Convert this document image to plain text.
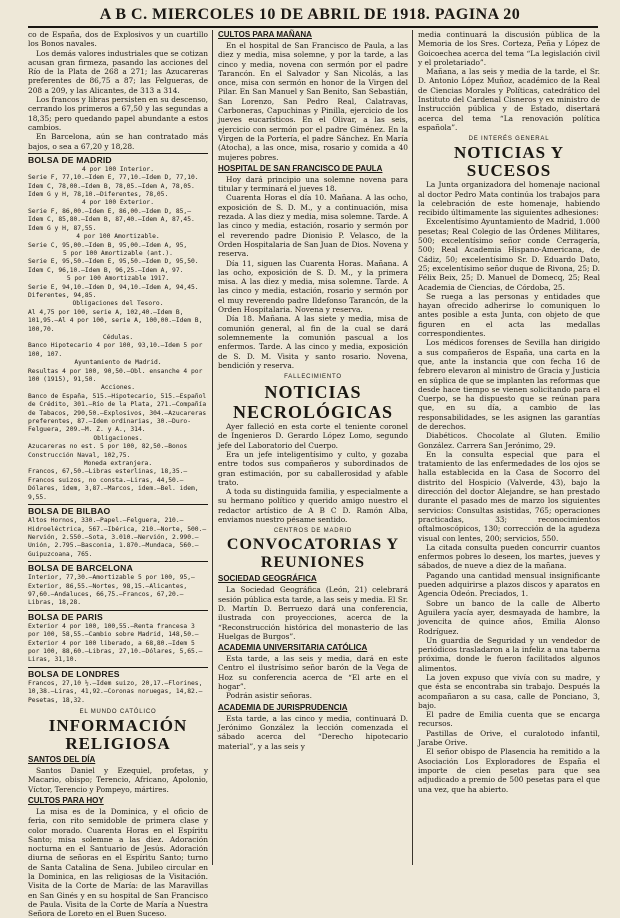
A B C. MIERCOLES 10 DE ABRIL DE 1918. PAGINA 20

co de España, dos de Explosivos y un cuartillo los Bonos navales.

Los demás valores industriales que se cotizan acusan gran firmeza, pasando las acciones del Río de la Plata de 268 a 271; las Azucareras preferentes de 86,75 a 87; las Felgueras, de 208 a 209, y las Alicantes, de 313 a 314.

Los francos y libras persisten en su descenso, cerrando los primeros a 67,50 y las segundas a 18,35; pero quedando papel abundante a estos cambios.

En Barcelona, aún se han contratado más bajos, o sea a 67,20 y 18,28.

BOLSA DE MADRID

4 por 100 Interior.

Serie F, 77,10.—Idem E, 77,10.—Idem D, 77,10.

Idem C, 78,00.—Idem B, 78,05.—Idem A, 78,05.

Idem G y H, 78,10.—Diferentes, 78,05.

4 por 100 Exterior.

Serie F, 86,00.—Idem E, 86,00.—Idem D, 85,—

Idem C, 85,80.—Idem B, 87,40.—Idem A, 87,45.

Idem G y H, 87,55.

4 por 100 Amortizable.

Serie C, 95,00.—Idem B, 95,00.—Idem A, 95,

5 por 100 Amortizable (ant.).

Serie E, 95,50.—Idem E, 95,50.—Idem D, 95,50.

Idem C, 96,10.—Idem B, 96,25.—Idem A, 97.

5 por 100 Amortizable 1917.

Serie E, 94,10.—Idem D, 94,10.—Idem A, 94,45.

Diferentes, 94,85.

Obligaciones del Tesoro.

Al 4,75 por 100, serie A, 102,40.—Idem B, 101,95.—Al 4 por 100, serie A, 100,00.—Idem B, 100,70.

Cédulas.

Banco Hipotecario 4 por 100, 93,10.—Idem 5 por 100, 107.

Ayuntamiento de Madrid.

Resultas 4 por 100, 90,50.—Obl. ensanche 4 por 100 (1915), 91,50.

Acciones.

Banco de España, 515.—Hipotecario, 515.—Español de Crédito, 301.—Río de la Plata, 271.—Compañía de Tabacos, 290,50.—Explosivos, 304.—Azucareras preferentes, 87.—Idem ordinarias, 30.—Duro-Felguera, 209.—M. Z. y A., 314.

Obligaciones.

Azucareras no est. 5 por 100, 82,50.—Bonos Construcción Naval, 102,75.

Moneda extranjera.

Francos, 67,50.—Libras esterlinas, 18,35.—Francos suizos, no consta.—Liras, 44,50.—Dólares, idem, 3,87.—Marcos, idem.—Bel. idem, 9,55.

BOLSA DE BILBAO

Altos Hornos, 330.—Papel.—Felguera, 210.—Hidroeléctrica, 567.—Ibérica, 210.—Norte, 500.—Nervión, 2.550.—Sota, 3.010.—Nervión, 2.990.—Unión, 2.795.—Basconia, 1.870.—Mundaca, 560.—Guipuzcoana, 765.

BOLSA DE BARCELONA

Interior, 77,30.—Amortizable 5 por 100, 95,—Exterior, 86,55.—Nortes, 98,15.—Alicantes, 97,60.—Andaluces, 66,75.—Francos, 67,20.—Libras, 18,28.

BOLSA DE PARIS

Exterior 4 por 100, 100,55.—Renta francesa 3 por 100, 58,55.—Cambio sobre Madrid, 148,50.—Exterior 4 por 100 liberado, a 68,80.—Idem 5 por 100, 88,60.—Libras, 27,10.—Dólares, 5,65.—Liras, 31,10.

BOLSA DE LONDRES

Francos, 27,10 ½.—Idem suizo, 20,17.—Florines, 10,38.—Liras, 41,92.—Coronas noruegas, 14,82.—Pesetas, 18,32.

EL MUNDO CATÓLICO
INFORMACIÓN RELIGIOSA
SANTOS DEL DÍA

Santos Daniel y Ezequiel, profetas, y Macario, obispo; Terencio, Africano, Apolonio, Víctor, Terencio y Pompeyo, mártires.

CULTOS PARA HOY

La misa es de la Dominica, y el oficio de feria, con rito semidoble de primera clase y color morado. Cuarenta Horas en el Espíritu Santo; misa solemne a las diez. Adoración nocturna en el Santuario de Jesús. Adoración diurna de señoras en el Espíritu Santo; turno de Santa Catalina de Sena. Jubileo circular en la Dominica, en las religiosas de la Visitación. Visita de la Corte de María: de las Maravillas en San Ginés y en su hospital de San Francisco de Paula. Visita de la Corte de María a Nuestra Señora de Loreto en el Buen Suceso.

CULTOS PARA MAÑANA

En el hospital de San Francisco de Paula, a las diez y media, misa solemne, y por la tarde, a las cinco y media, novena con sermón por el padre Tarancón. En el Salvador y San Nicolás, a las once, misa con sermón en honor de la Virgen del Pilar. En San Manuel y San Benito, San Sebastián, San Lorenzo, San Pedro Real, Calatravas, Carboneras, Capuchinas y Pinilla, ejercicio de los jueves eucarísticos. En el Olivar, a las seis, ejercicio con sermón por el padre Giménez. En la Virgen de la Portería, el padre Sánchez. En María (Atocha), a las once, misa, rosario y comida a 40 mujeres pobres.

HOSPITAL DE SAN FRANCISCO DE PAULA

Hoy dará principio una solemne novena para titular y terminará el jueves 18.

Cuarenta Horas el día 10. Mañana. A las ocho, exposición de S. D. M., y a continuación, misa rezada. A las diez y media, misa solemne. Tarde. A las cinco y media, estación, rosario y sermón por el reverendo padre Dionisio P. Velasco, de la Orden Hospitalaria de San Juan de Dios. Novena y reserva.

Día 11, siguen las Cuarenta Horas. Mañana. A las ocho, exposición de S. D. M., y la primera misa. A las diez y media, misa solemne. Tarde. A las cinco y media, estación, rosario y sermón por el muy reverendo padre Ildefonso Tarancón, de la Orden Hospitalaria. Novena y reserva.

Día 18. Mañana. A las siete y media, misa de comunión general, al fin de la cual se dará solemnemente la comunión pascual a los enfermos. Tarde. A las cinco y media, exposición de S. D. M. Visita y santo rosario. Novena, bendición y reserva.

FALLECIMIENTO
NOTICIAS NECROLÓGICAS

Ayer falleció en esta corte el teniente coronel de Ingenieros D. Gerardo López Lomo, segundo jefe del Laboratorio del Cuerpo.

Era un jefe inteligentísimo y culto, y gozaba entre todos sus compañeros y subordinados de gran estimación, por su caballerosidad y afable trato.

A toda su distinguida familia, y especialmente a su hermano político y querido amigo nuestro el redactor artístico de A B C D. Ramón Alba, enviamos nuestro pésame sentido.

CENTROS DE MADRID
CONVOCATORIAS Y REUNIONES
SOCIEDAD GEOGRÁFICA

La Sociedad Geográfica (León, 21) celebrará sesión pública esta tarde, a las seis y media. El Sr. D. Martín D. Berruezo dará una conferencia, ilustrada con proyecciones, acerca de la “Reconstrucción histórica del monasterio de las Huelgas de Burgos”.

ACADEMIA UNIVERSITARIA CATÓLICA

Esta tarde, a las seis y media, dará en este Centro el ilustrísimo señor barón de la Vega de Hoz su conferencia acerca de “El arte en el hogar”.

Podrán asistir señoras.

ACADEMIA DE JURISPRUDENCIA

Esta tarde, a las cinco y media, continuará D. Jerónimo González la lección comenzada el sábado acerca del “Derecho hipotecario material”, y a las seis y

media continuará la discusión pública de la Memoria de los Sres. Corteza, Peña y López de Goicoechea acerca del tema “La legislación civil y el proletariado”.

Mañana, a las seis y media de la tarde, el Sr. D. Antonio López Muñoz, académico de la Real de Ciencias Morales y Políticas, catedrático del Instituto del Cardenal Cisneros y ex ministro de Instrucción pública y de Estado, disertará acerca del tema “La renovación política española”.

DE INTERÉS GENERAL
NOTICIAS Y SUCESOS

La Junta organizadora del homenaje nacional al doctor Pedro Mata continúa los trabajos para la celebración de este homenaje, habiendo recibido últimamente las siguientes adhesiones:

Excelentísimo Ayuntamiento de Madrid, 1.000 pesetas; Real Colegio de las Órdenes Militares, 500; excelentísimo señor conde Cerragería, 500; Real Academia Hispano-Americana, de Cádiz, 50; excelentísimo Sr. D. Eduardo Dato, 25; excelentísimo señor duque de Rivona, 25; D. Félix Beix, 25; D. Manuel de Domecq, 25; Real Academia de Ciencias, de Córdoba, 25.

Se ruega a las personas y entidades que hayan ofrecido adherirse lo comuniquen lo antes posible a esta Junta, con objeto de que figuren en el acta las medallas correspondientes.

Los médicos forenses de Sevilla han dirigido a sus compañeros de España, una carta en la que, ante la instancia que con fecha 16 de febrero elevaron al ministro de Gracia y Justicia en súplica de que se implanten las reformas que desde hace tiempo se vienen solicitando para el Cuerpo, se ha dispuesto que se reúnan para que, en su día, a cambio de las responsabilidades, se les asignen las garantías de derechos.

Diabéticos. Chocolate al Gluten. Emilio González. Carrera San Jerónimo, 29.

En la consulta especial que para el tratamiento de las enfermedades de los ojos se halla establecida en la Casa de Socorro del distrito del Hospicio (Valverde, 43), bajo la dirección del doctor Alejandre, se han prestado durante el pasado mes de marzo los siguientes servicios: Consultas asistidas, 765; operaciones practicadas, 33; reconocimientos oftalmoscópicos, 130; corrección de la agudeza visual con lentes, 200; servicios, 550.

La citada consulta pueden concurrir cuantos enfermos pobres lo deseen, los martes, jueves y sábados, de nueve a diez de la mañana.

Pagando una cantidad mensual insignificante pueden adquirirse a plazos discos y aparatos en Agencia Odeón. Preciados, 1.

Sobre un banco de la calle de Alberto Aguilera yacía ayer, desmayada de hambre, la jovencita de quince años, Emilia Alonso Rodríguez.

Un guardia de Seguridad y un vendedor de periódicos trasladaron a la infeliz a una taberna próxima, donde le fueron facilitados algunos alimentos.

La joven expuso que vivía con su madre, y que ésta se encontraba sin trabajo. Después la acompañaron a su casa, calle de Ponciano, 3, bajo.

El padre de Emilia cuenta que se encarga recursos.

Pastillas de Orive, el curalotodo infantil, Jarabe Orive.

El señor obispo de Plasencia ha remitido a la Asociación Los Exploradores de España el importe de cien pesetas para que sea adjudicado a premio de 500 pesetas para el que una vez, que ha abierto.
